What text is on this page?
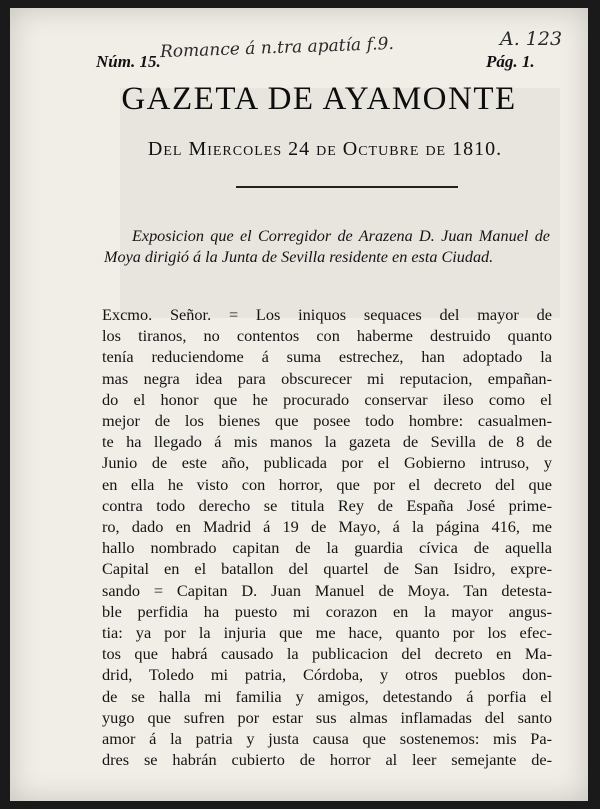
Romance á n.tra apatía f.9.	A. 123
Núm. 15.	Pág. 1.
GAZETA DE AYAMONTE
Del Miercoles 24 de Octubre de 1810.
Exposicion que el Corregidor de Arazena D. Juan Manuel de Moya dirigió á la Junta de Sevilla residente en esta Ciudad.
Excmo. Señor. = Los iniquos sequaces del mayor de
los tiranos, no contentos con haberme destruido quanto
tenía reduciendome á suma estrechez, han adoptado la
mas negra idea para obscurecer mi reputacion, empañan-
do el honor que he procurado conservar ileso como el
mejor de los bienes que posee todo hombre: casualmen-
te ha llegado á mis manos la gazeta de Sevilla de 8 de
Junio de este año, publicada por el Gobierno intruso, y
en ella he visto con horror, que por el decreto del que
contra todo derecho se titula Rey de España José prime-
ro, dado en Madrid á 19 de Mayo, á la página 416, me
hallo nombrado capitan de la guardia cívica de aquella
Capital en el batallon del quartel de San Isidro, expre-
sando = Capitan D. Juan Manuel de Moya. Tan detesta-
ble perfidia ha puesto mi corazon en la mayor angus-
tia: ya por la injuria que me hace, quanto por los efec-
tos que habrá causado la publicacion del decreto en Ma-
drid, Toledo mi patria, Córdoba, y otros pueblos don-
de se halla mi familia y amigos, detestando á porfia el
yugo que sufren por estar sus almas inflamadas del santo
amor á la patria y justa causa que sostenemos: mis Pa-
dres se habrán cubierto de horror al leer semejante de-
